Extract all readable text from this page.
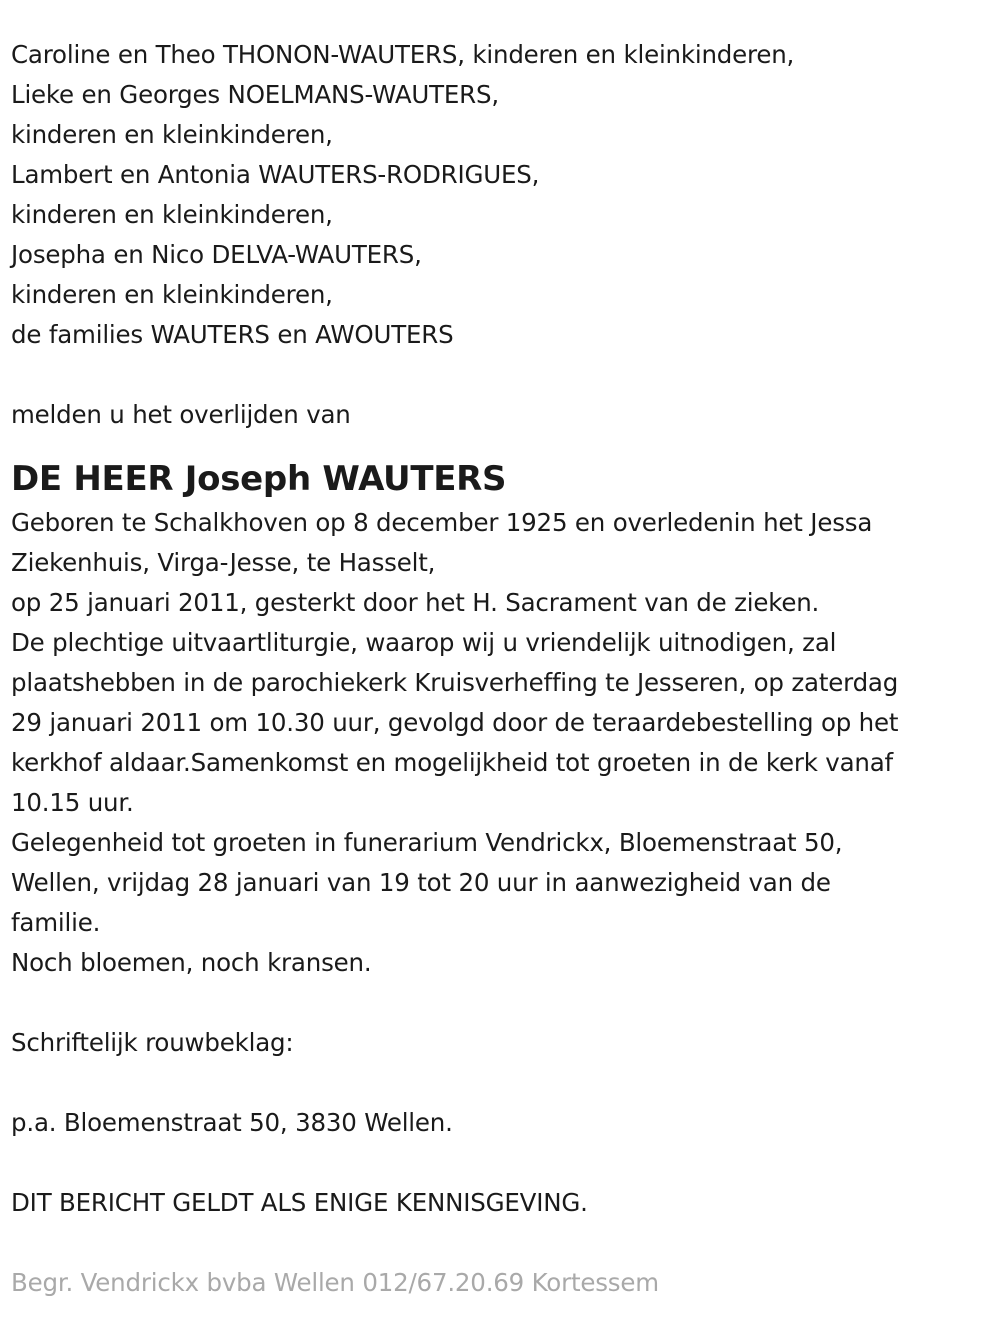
Caroline en Theo THONON-WAUTERS, kinderen en kleinkinderen,
Lieke en Georges NOELMANS-WAUTERS,
kinderen en kleinkinderen,
Lambert en Antonia WAUTERS-RODRIGUES,
kinderen en kleinkinderen,
Josepha en Nico DELVA-WAUTERS,
kinderen en kleinkinderen,
de families WAUTERS en AWOUTERS
melden u het overlijden van
DE HEER Joseph WAUTERS
Geboren te Schalkhoven op 8 december 1925 en overledenin het Jessa
Ziekenhuis, Virga-Jesse, te Hasselt,
op 25 januari 2011, gesterkt door het H. Sacrament van de zieken.
De plechtige uitvaartliturgie, waarop wij u vriendelijk uitnodigen, zal
plaatshebben in de parochiekerk Kruisverheffing te Jesseren, op zaterdag
29 januari 2011 om 10.30 uur, gevolgd door de teraardebestelling op het
kerkhof aldaar.Samenkomst en mogelijkheid tot groeten in de kerk vanaf
10.15 uur.
Gelegenheid tot groeten in funerarium Vendrickx, Bloemenstraat 50,
Wellen, vrijdag 28 januari van 19 tot 20 uur in aanwezigheid van de
familie.
Noch bloemen, noch kransen.
Schriftelijk rouwbeklag:
p.a. Bloemenstraat 50, 3830 Wellen.
DIT BERICHT GELDT ALS ENIGE KENNISGEVING.
Begr. Vendrickx bvba Wellen 012/67.20.69 Kortessem
